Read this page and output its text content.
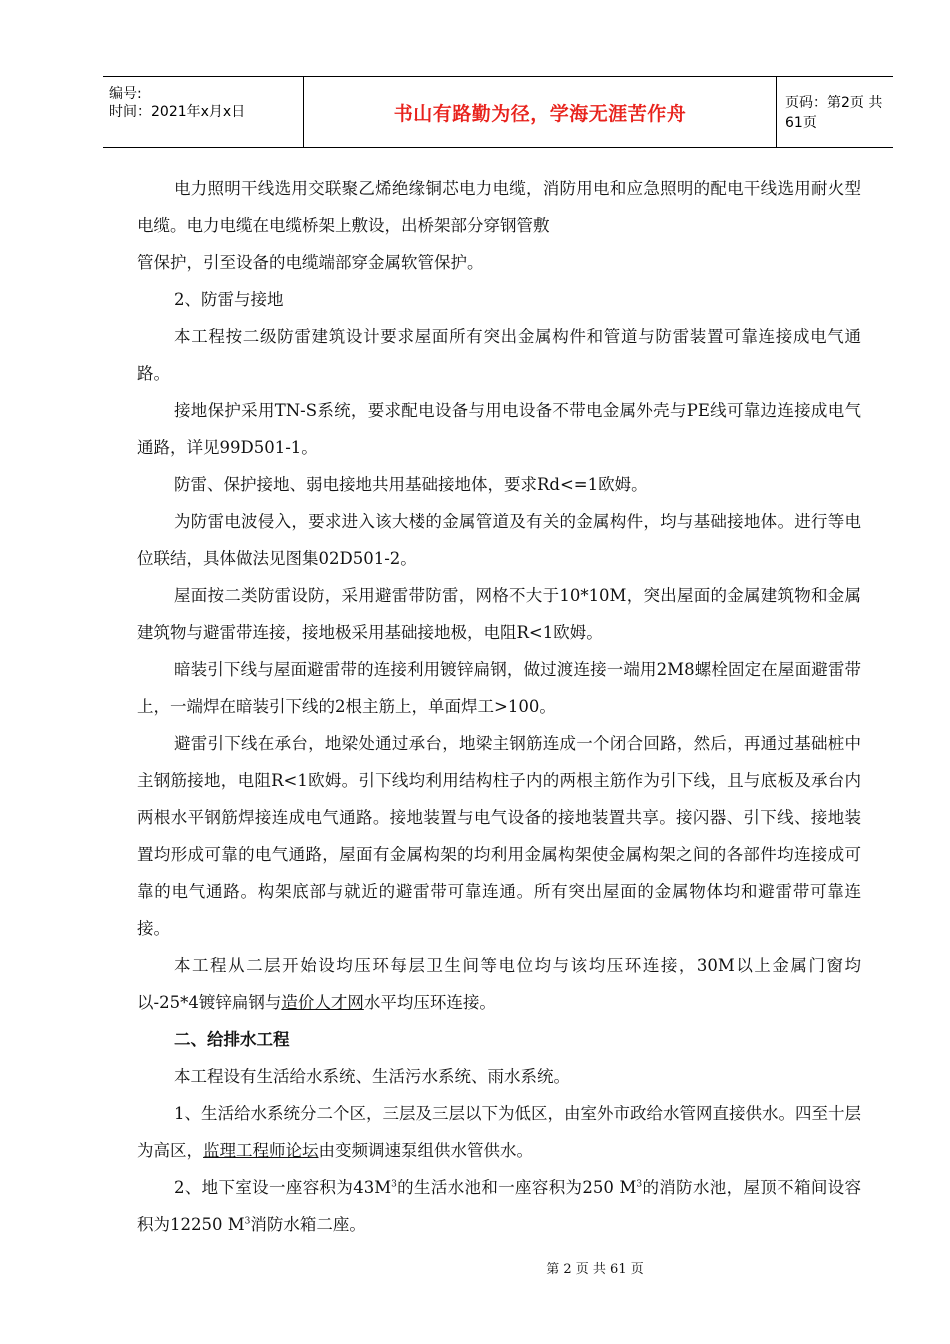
编号:
时间：2021年x月x日	书山有路勤为径，学海无涯苦作舟	页码：第2页 共61页

电力照明干线选用交联聚乙烯绝缘铜芯电力电缆，消防用电和应急照明的配电干线选用耐火型电缆。电力电缆在电缆桥架上敷设，出桥架部分穿钢管敷

管保护，引至设备的电缆端部穿金属软管保护。

2、防雷与接地

本工程按二级防雷建筑设计要求屋面所有突出金属构件和管道与防雷装置可靠连接成电气通路。

接地保护采用TN-S系统，要求配电设备与用电设备不带电金属外壳与PE线可靠边连接成电气通路，详见99D501-1。

防雷、保护接地、弱电接地共用基础接地体，要求Rd<=1欧姆。

为防雷电波侵入，要求进入该大楼的金属管道及有关的金属构件，均与基础接地体。进行等电位联结，具体做法见图集02D501-2。

屋面按二类防雷设防，采用避雷带防雷，网格不大于10*10M，突出屋面的金属建筑物和金属建筑物与避雷带连接，接地极采用基础接地极，电阻R<1欧姆。

暗装引下线与屋面避雷带的连接利用镀锌扁钢，做过渡连接一端用2M8螺栓固定在屋面避雷带上，一端焊在暗装引下线的2根主筋上，单面焊工>100。

避雷引下线在承台，地梁处通过承台，地梁主钢筋连成一个闭合回路，然后，再通过基础桩中主钢筋接地，电阻R<1欧姆。引下线均利用结构柱子内的两根主筋作为引下线，且与底板及承台内两根水平钢筋焊接连成电气通路。接地装置与电气设备的接地装置共享。接闪器、引下线、接地装置均形成可靠的电气通路，屋面有金属构架的均利用金属构架使金属构架之间的各部件均连接成可靠的电气通路。构架底部与就近的避雷带可靠连通。所有突出屋面的金属物体均和避雷带可靠连接。

本工程从二层开始设均压环每层卫生间等电位均与该均压环连接，30M以上金属门窗均以-25*4镀锌扁钢与造价人才网水平均压环连接。

二、给排水工程

本工程设有生活给水系统、生活污水系统、雨水系统。

1、生活给水系统分二个区，三层及三层以下为低区，由室外市政给水管网直接供水。四至十层为高区，监理工程师论坛由变频调速泵组供水管供水。

2、地下室设一座容积为$43M^3$的生活水池和一座容积为250 $M^3$的消防水池，屋顶不箱间设容积为12250 $M^3$消防水箱二座。

第 2 页 共 61 页
